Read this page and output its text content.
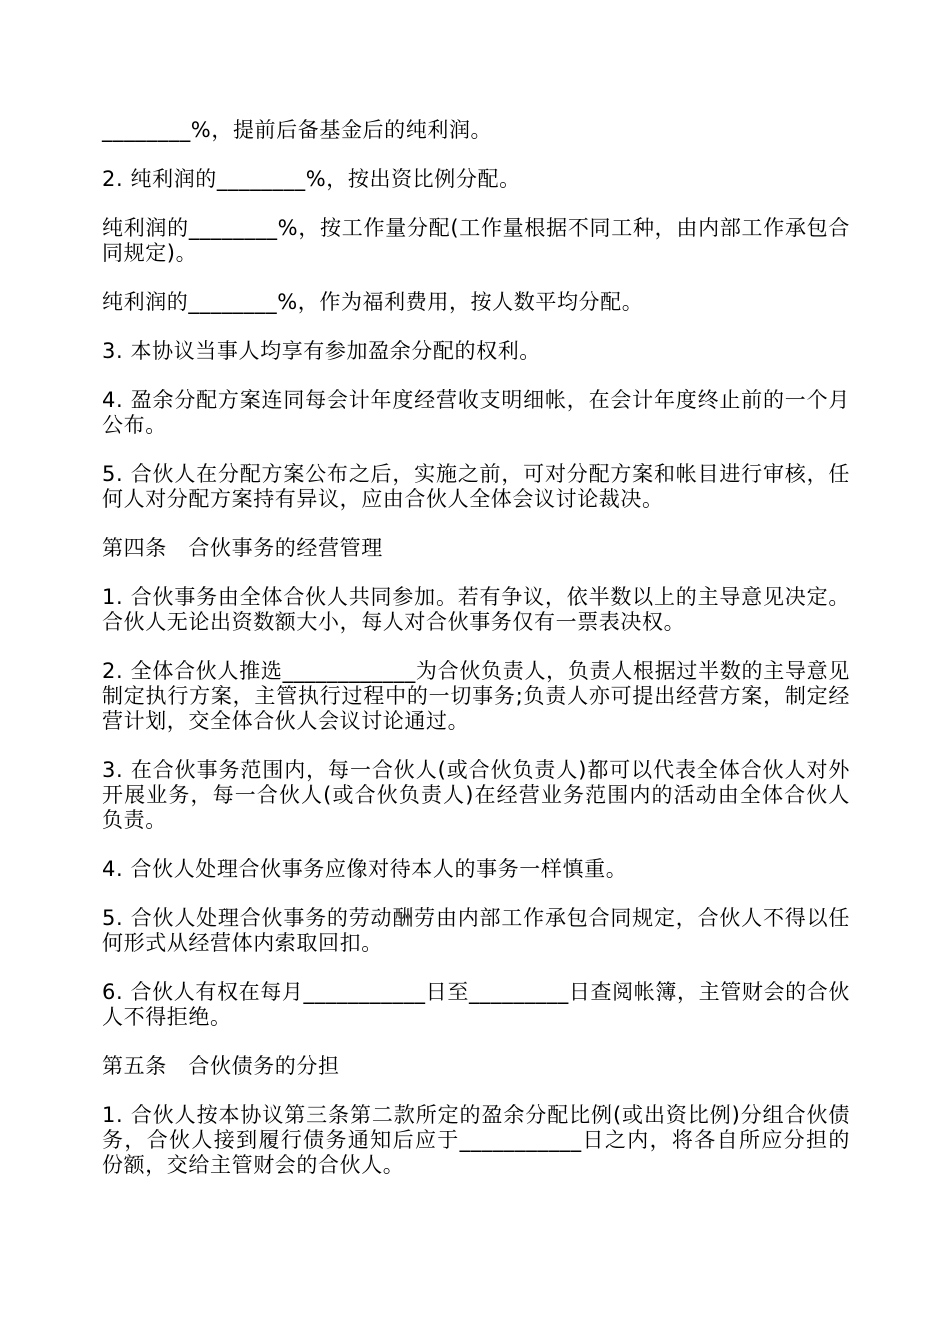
________%，提前后备基金后的纯利润。

2. 纯利润的________%，按出资比例分配。

纯利润的________%，按工作量分配(工作量根据不同工种，由内部工作承包合同规定)。

纯利润的________%，作为福利费用，按人数平均分配。

3. 本协议当事人均享有参加盈余分配的权利。

4. 盈余分配方案连同每会计年度经营收支明细帐，在会计年度终止前的一个月公布。

5. 合伙人在分配方案公布之后，实施之前，可对分配方案和帐目进行审核，任何人对分配方案持有异议，应由合伙人全体会议讨论裁决。

第四条　合伙事务的经营管理

1. 合伙事务由全体合伙人共同参加。若有争议，依半数以上的主导意见决定。合伙人无论出资数额大小，每人对合伙事务仅有一票表决权。

2. 全体合伙人推选____________为合伙负责人，负责人根据过半数的主导意见制定执行方案，主管执行过程中的一切事务;负责人亦可提出经营方案，制定经营计划，交全体合伙人会议讨论通过。

3. 在合伙事务范围内，每一合伙人(或合伙负责人)都可以代表全体合伙人对外开展业务，每一合伙人(或合伙负责人)在经营业务范围内的活动由全体合伙人负责。

4. 合伙人处理合伙事务应像对待本人的事务一样慎重。

5. 合伙人处理合伙事务的劳动酬劳由内部工作承包合同规定，合伙人不得以任何形式从经营体内索取回扣。

6. 合伙人有权在每月___________日至_________日查阅帐簿，主管财会的合伙人不得拒绝。

第五条　合伙债务的分担

1. 合伙人按本协议第三条第二款所定的盈余分配比例(或出资比例)分组合伙债务，合伙人接到履行债务通知后应于___________日之内，将各自所应分担的份额，交给主管财会的合伙人。
